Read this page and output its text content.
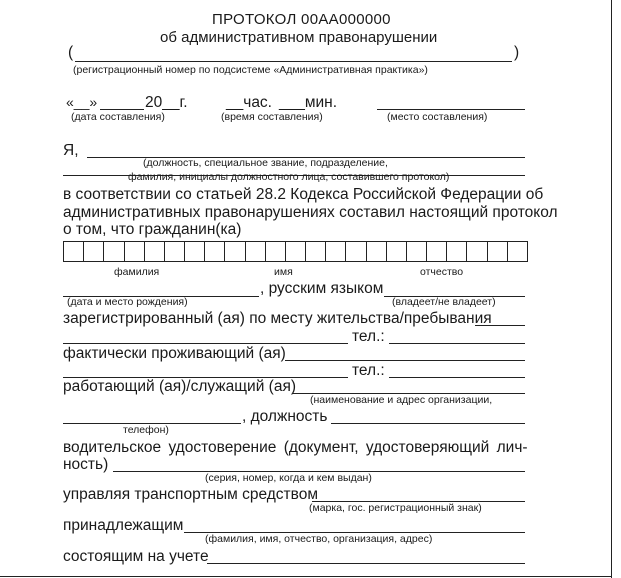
ПРОТОКОЛ 00АА000000
об административном правонарушении
(	)
(регистрационный номер по подсистеме «Административная практика»)
«__»	20__г. __час. ___мин.
(дата составления)	(время составления)	(место составления)
Я,
(должность, специальное звание, подразделение,
фамилия, инициалы должностного лица, составившего протокол)
в соответствии со статьей 28.2 Кодекса Российской Федерации об
административных правонарушениях составил настоящий протокол
о том, что гражданин(ка)
фамилия	имя	отчество
, русским языком
(дата и место рождения)	(владеет/не владеет)
зарегистрированный (ая) по месту жительства/пребывания
тел.:
фактически проживающий (ая)
тел.:
работающий (ая)/служащий (ая)
(наименование и адрес организации,
, должность
телефон)
водительское удостоверение (документ, удостоверяющий лич-
ность)
(серия, номер, когда и кем выдан)
управляя транспортным средством
(марка, гос. регистрационный знак)
принадлежащим
(фамилия, имя, отчество, организация, адрес)
состоящим на учете
